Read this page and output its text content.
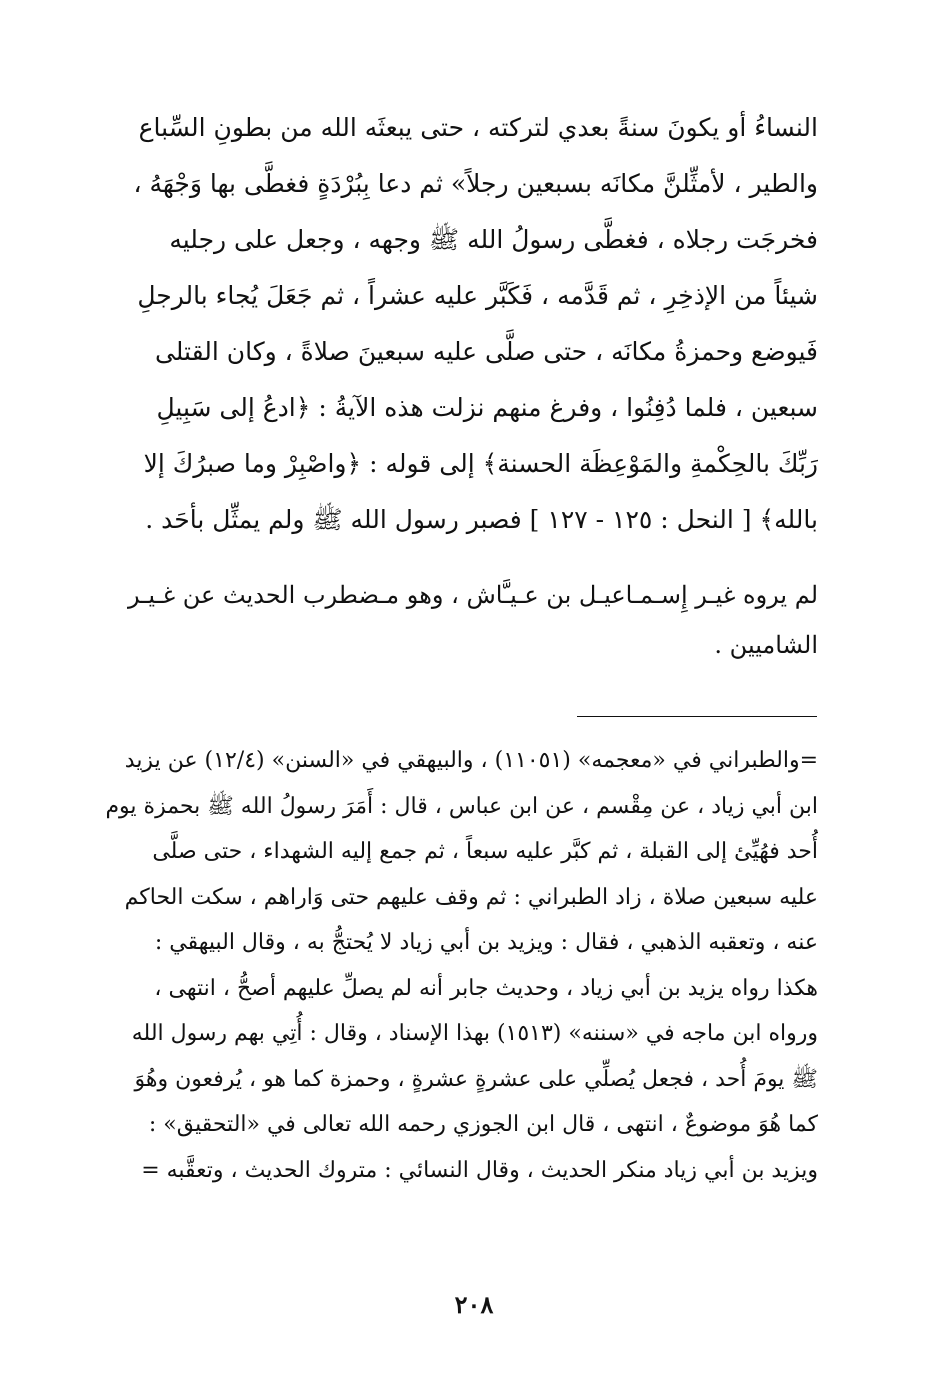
النساءُ أو يكونَ سنةً بعدي لتركته ، حتى يبعثَه الله من بطونِ السِّباع
والطير ، لأمثِّلنَّ مكانَه بسبعين رجلاً» ثم دعا بِبُرْدَةٍ فغطَّى بها وَجْهَهُ ،
فخرجَت رجلاه ، فغطَّى رسولُ الله ﷺ وجهه ، وجعل على رجليه
شيئاً من الإذخِرِ ، ثم قَدَّمه ، فَكَبَّر عليه عشراً ، ثم جَعَلَ يُجاء بالرجلِ
فَيوضع وحمزةُ مكانَه ، حتى صلَّى عليه سبعينَ صلاةً ، وكان القتلى
سبعين ، فلما دُفِنُوا ، وفرغ منهم نزلت هذه الآيةُ : ﴿ادعُ إلى سَبِيلِ
رَبِّكَ بالحِكْمةِ والمَوْعِظَة الحسنة﴾ إلى قوله : ﴿واصْبِرْ وما صبرُكَ إلا
بالله﴾ [ النحل : ١٢٥ - ١٢٧ ] فصبر رسول الله ﷺ ولم يمثِّل بأحَد .
لم يروه غيـر إِسـمـاعيـل بن عـيـَّاش ، وهو مـضطرب الحديث عن غـيـر
الشاميين .
=والطبراني في «معجمه» (١١٠٥١) ، والبيهقي في «السنن» (١٢/٤) عن يزيد
ابن أبي زياد ، عن مِقْسم ، عن ابن عباس ، قال : أَمَرَ رسولُ الله ﷺ بحمزة يوم
أُحد فهُيِّئ إلى القبلة ، ثم كبَّر عليه سبعاً ، ثم جمع إليه الشهداء ، حتى صلَّى
عليه سبعين صلاة ، زاد الطبراني : ثم وقف عليهم حتى وَاراهم ، سكت الحاكم
عنه ، وتعقبه الذهبي ، فقال : ويزيد بن أبي زياد لا يُحتجُّ به ، وقال البيهقي :
هكذا رواه يزيد بن أبي زياد ، وحديث جابر أنه لم يصلِّ عليهم أصحُّ ، انتهى ،
ورواه ابن ماجه في «سننه» (١٥١٣) بهذا الإسناد ، وقال : أُتِي بهم رسول الله
ﷺ يومَ أُحد ، فجعل يُصلِّي على عشرةٍ عشرةٍ ، وحمزة كما هو ، يُرفعون وهُوَ
كما هُوَ موضوعٌ ، انتهى ، قال ابن الجوزي رحمه الله تعالى في «التحقيق» :
ويزيد بن أبي زياد منكر الحديث ، وقال النسائي : متروك الحديث ، وتعقَّبه =
٢٠٨
